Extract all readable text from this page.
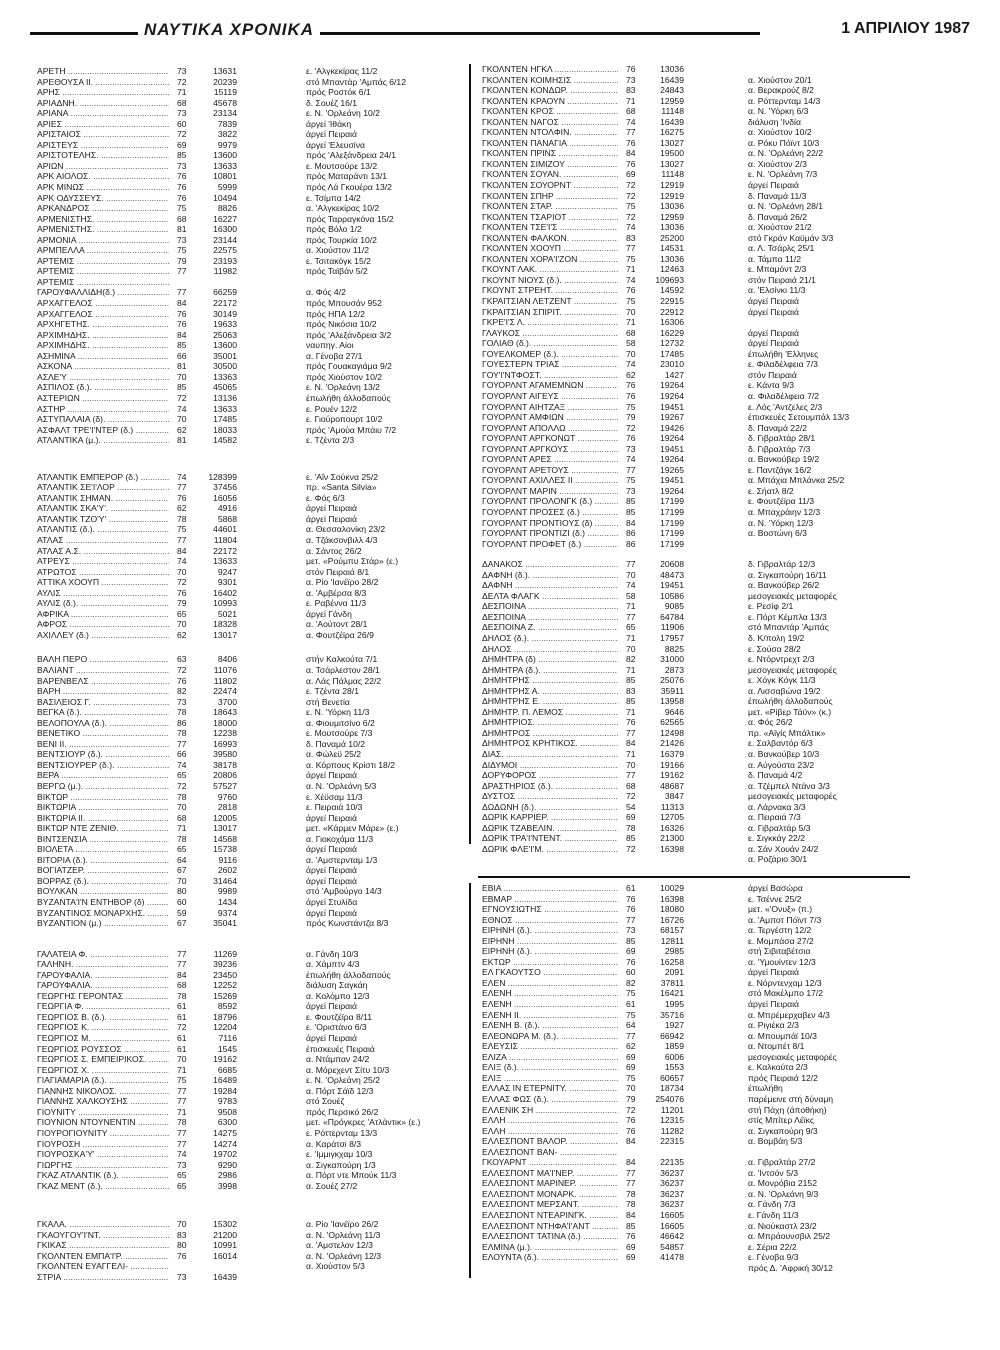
ΝΑΥΤΙΚΑ ΧΡΟΝΙΚΑ	1 ΑΠΡΙΛΙΟΥ 1987
ΑΡΕΤΗ .....	73	13631	ε. 'Αλγκεκίρας 11/2
ΑΡΕΘΟΥΣΑ ΙΙ. .....	72	20239	στό Μπαντάρ 'Αμπάς 6/12
ΑΡΗΣ .....	71	15119	πρός Ροστόκ 6/1
ΑΡΙΑΔΝΗ. .....	68	45678	δ. Σουέζ 16/1
ΑΡΙΑΝΑ .....	73	23134	ε. Ν. 'Ορλεάνη 10/2
ΑΡΙΕΣ .....	60	7839	άργεί 'Ιθάκη
ΑΡΙΣΤΑΙΟΣ .....	72	3822	άργεί Πειραιά
ΑΡΙΣΤΕΥΣ .....	69	9979	άργεί 'Ελευσίνα
ΑΡΙΣΤΟΤΕΛΗΣ. .....	85	13600	πρός 'Αλεξάνδρεια 24/1
ΑΡΙΩΝ .....	73	13633	ε. Μουτσούρε 13/2
ΑΡΚ ΑΙΟΛΟΣ. .....	76	10801	πρός Ματαράντι 13/1
ΑΡΚ ΜΙΝΩΣ .....	76	5999	πρός Λά Γκουέρα 13/2
ΑΡΚ ΟΔΥΣΣΕΥΣ. .....	76	10494	ε. Τσίμπα 14/2
ΑΡΚΑΝΔΡΟΣ .....	75	8826	α. 'Αλγκεκίρας 10/2
ΑΡΜΕΝΙΣΤΗΣ. .....	68	16227	πρός Ταρραγκόνα 15/2
ΑΡΜΕΝΙΣΤΗΣ. .....	81	16300	πρός Βόλο 1/2
ΑΡΜΟΝΙΑ .....	73	23144	πρός Τουρκία 10/2
ΑΡΜΠΕΛΛΑ .....	75	22575	α. Χιούστον 11/2
ΑΡΤΕΜΙΣ .....	79	23193	ε. Τσιτακόγκ 15/2
ΑΡΤΕΜΙΣ .....	77	11982	πρός Ταϊβάν 5/2
ΑΡΤΕΜΙΣ .....
ΓΑΡΟΥΦΑΛΛΙΔΗ(δ.) .....	77	66259	α. Φός 4/2
ΑΡΧΑΓΓΕΛΟΣ .....	84	22172	πρός Μπουσάν 952
ΑΡΧΑΓΓΕΛΟΣ .....	76	30149	πρός ΗΠΑ 12/2
ΑΡΧΗΓΕΤΗΣ. .....	76	19633	πρός Νικόσια 10/2
ΑΡΧΙΜΗΔΗΣ. .....	84	25063	πρός 'Αλεξάνδρεια 3/2
ΑΡΧΙΜΗΔΗΣ. .....	85	13600	ναυπηγ. Αίοι
ΑΣΗΜΙΝΑ .....	66	35001	α. Γένοβα 27/1
ΑΣΚΟΝΑ .....	81	30500	πρός Γουακαγιάμα 9/2
ΑΣΛΕ'Υ .....	70	13363	πρός Χιούστον 10/2
ΑΣΠΙΛΟΣ (δ.). .....	85	45065	ε. Ν. 'Ορλεάνη 13/2
ΑΣΤΕΡΙΩΝ .....	72	13136	έπωλήθη άλλοδαπούς
ΑΣΤΗΡ .....	74	13633	ε. Ρουέν 12/2
ΑΣΤΥΠΑΛΑΙΑ (δ). .....	70	17485	ε. Γιούροπουρτ 10/2
ΑΣΦΑΛΤ ΤΡΕ'Ι'ΝΤΕΡ (δ.) .....	62	18033	πρός 'Αμούα Μπάιυ 7/2
ΑΤΛΑΝΤΙΚΑ (μ.). .....	81	14582	ε. Τζέντα 2/3
ΑΤΛΑΝΤΙΚ ΕΜΠΕΡΟΡ (δ.) .....	74	128399	ε. 'Αΐν Σούκνα 25/2
ΑΤΛΑΝΤΙΚ ΣΕ'Ι'ΛΟΡ .....	77	37456	πρ. «Santa Silvia»
ΑΤΛΑΝΤΙΚ ΣΗΜΑΝ. .....	76	16056	ε. Φός 6/3
ΑΤΛΑΝΤΙΚ ΣΚΑ'Υ'. .....	62	4916	άργεί Πειραιά
ΑΤΛΑΝΤΙΚ ΤΖΟ'Υ' .....	78	5868	άργεί Πειραιά
ΑΤΛΑΝΤΙΣ (δ.). .....	75	44601	α. Θεσσαλονίκη 23/2
ΑΤΛΑΣ .....	77	11804	α. Τζάκσονβιλλ 4/3
ΑΤΛΑΣ Α.Σ. .....	84	22172	α. Σάντος 26/2
ΑΤΡΕΥΣ .....	74	13633	μετ. «Ρούμπυ Στάρ» (ε.)
ΑΤΡΩΤΟΣ .....	70	9247	στόν Πειραιά 8/1
ΑΤΤΙΚΑ ΧΟΟΥΠ .....	72	9301	α. Ρίο 'Ιανέϊρο 28/2
ΑΥΛΙΣ .....	76	16402	α. 'Αμβέρσα 8/3
ΑΥΛΙΣ (δ.). .....	79	10993	ε. Ραβέννα 11/3
ΑΦΡΙΚΑ .....	65	5021	άργεί Γάνδη
ΑΦΡΟΣ .....	70	18328	α. 'Αούτοντ 28/1
ΑΧΙΛΛΕΥ (δ.) .....	62	13017	α. Φουτζέϊρα 26/9
ΒΑΛΗ ΠΕΡΟ .....	63	8406	στήν Καλκούτα 7/1
ΒΑΛΙΑΝΤ .....	72	11076	α. Τσάρλεστον 28/1
ΒΑΡΕΝΒΕΛΣ .....	76	11802	α. Λάς Πάλμας 22/2
ΒΑΡΗ .....	82	22474	ε. Τζέντα 28/1
ΒΑΣΙΛΕΙΟΣ Γ. .....	73	3700	στή Βενετία
ΒΕΓΚΑ (δ.). .....	78	18643	ε. Ν. 'Υόρκη 11/3
ΒΕΛΟΠΟΥΛΑ (δ.). .....	86	18000	α. Φιουμιτσίνο 6/2
ΒΕΝΕΤΙΚΟ .....	78	12238	ε. Μουτσούρε 7/3
ΒΕΝΙ ΙΙ. .....	77	16993	δ. Παναμά 10/2
ΒΕΝΤΣΙΟΥΡ (δ.). .....	66	39580	α. Φώλεϋ 25/2
ΒΕΝΤΣΙΟΥΡΕΡ (δ.). .....	74	38178	α. Κόρπους Κρίστι 18/2
ΒΕΡΑ .....	65	20806	άργεί Πειραιά
ΒΕΡΓΩ (μ.). .....	72	57527	α. Ν. 'Ορλεάνη 5/3
ΒΙΚΤΩΡ .....	78	9760	ε. Χέϋσαμ 11/3
ΒΙΚΤΩΡΙΑ .....	70	2818	ε. Πειραιά 10/3
ΒΙΚΤΩΡΙΑ ΙΙ. .....	68	12005	άργεί Πειραιά
ΒΙΚΤΩΡ ΝΤΕ ΖΕΝΙΘ. .....	71	13017	μετ. «Κάρμεν Μάρε» (ε.)
ΒΙΝΤΣΕΝΣΙΑ .....	78	14568	α. Γιοκοχάμα 11/3
ΒΙΟΛΕΤΑ .....	65	15738	άργεί Πειραιά
ΒΙΤΟΡΙΑ (δ.). .....	64	9116	α. 'Αμστερνταμ 1/3
ΒΟΓΙΑΤΖΕΡ. .....	67	2602	άργεί Πειραιά
ΒΟΡΡΑΣ (δ.). .....	70	31464	άργεί Πειραιά
ΒΟΥΛΚΑΝ .....	80	9989	στό 'Αμβούργο 14/3
ΒΥΖΑΝΤΑ'Ι'Ν ΕΝΤΗΒΟΡ (δ) .....	60	1434	άργεί Στυλίδα
ΒΥΖΑΝΤΙΝΟΣ ΜΟΝΑΡΧΗΣ. .....	59	9374	άργεί Πειραιά
ΒΥΖΑΝΤΙΟΝ (μ.) .....	67	35041	πρός Κωνστάντζα 8/3
ΓΑΛΑΤΕΙΑ Φ. .....	77	11269	α. Γάνδη 10/3
ΓΑΛΗΝΗ. .....	77	39236	α. Χάμπτν 4/3
ΓΑΡΟΥΦΑΛΙΑ. .....	84	23450	έπωλήθη άλλοδαπούς
ΓΑΡΟΥΦΑΛΙΑ. .....	68	12252	διάλυση Σαγκάη
ΓΕΩΡΓΗΣ ΓΕΡΟΝΤΑΣ .....	78	15269	α. Κολόμπο 12/3
ΓΕΩΡΓΙΑ Φ. .....	61	8592	άργεί Πειραιά
ΓΕΩΡΓΙΟΣ Β. (δ.). .....	61	18796	ε. Φουτζέϊρα 8/11
ΓΕΩΡΓΙΟΣ Κ. .....	72	12204	ε. 'Οριστάνο 6/3
ΓΕΩΡΓΙΟΣ Μ. .....	61	7116	άργεί Πειραιά
ΓΕΩΡΓΙΟΣ ΡΟΥΣΣΟΣ .....	61	1545	έπισκευές Πειραιά
ΓΕΩΡΓΙΟΣ Σ. ΕΜΠΕΙΡΙΚΟΣ. .....	70	19162	α. Ντάμπαν 24/2
ΓΕΩΡΓΙΟΣ Χ. .....	71	6685	α. Μόρεχεντ Σίτυ 10/3
ΓΙΑΓΙΑΜΑΡΙΑ (δ.). .....	75	16489	ε. Ν. 'Ορλεάνη 25/2
ΓΙΑΝΝΗΣ ΝΙΚΟΛΟΣ. .....	77	19284	α. Πόρτ Σάϊδ 12/3
ΓΙΑΝΝΗΣ ΧΑΛΚΟΥΣΗΣ .....	77	9783	στό Σουέζ
ΓΙΟΥΝΙΤΥ .....	71	9508	πρός Περσικό 26/2
ΓΙΟΥΝΙΟΝ ΝΤΟΥΝΕΝΤΙΝ .....	78	6300	μετ. «Πρόγκρες 'Ατλάντικ» (ε.)
ΓΙΟΥΡΟΓΙΟΥΝΙΤΥ .....	77	14275	ε. Ρόττερνταμ 13/3
ΓΙΟΥΡΟΣΗ .....	77	14274	α. Καράτσι 8/3
ΓΙΟΥΡΟΣΚΑ'Υ' .....	74	19702	ε. 'Ιμμιγκχαμ 10/3
ΓΙΩΡΓΗΣ .....	73	9290	α. Σιγκαπούρη 1/3
ΓΚΑΖ ΑΤΛΑΝΤΙΚ (δ.). .....	65	2986	α. Πόρτ ντε Μπούκ 11/3
ΓΚΑΖ ΜΕΝΤ (δ.). .....	65	3998	α. Σουέζ 27/2
ΓΚΑΛΑ. .....	70	15302	α. Ρίο 'Ιανέϊρο 26/2
ΓΚΑΟΥΓΟΥ'Ι'ΝΤ. .....	83	21200	α. Ν. 'Ορλεάνη 11/3
ΓΚΙΚΑΣ .....	80	10991	α. 'Αμστελον 12/3
ΓΚΟΛΝΤΕΝ ΕΜΠΑ'Ι'Ρ. .....	76	16014	α. Ν. 'Ορλεάνη 12/3
ΓΚΟΛΝΤΕΝ ΕΥΑΓΓΕΛΙ- .....	α. Χιούστον 5/3
ΣΤΡΙΑ .....	73	16439
ΓΚΟΛΝΤΕΝ ΗΓΚΛ .....	76	13036
ΓΚΟΛΝΤΕΝ ΚΟΙΜΗΣΙΣ .....	73	16439	α. Χιούστον 20/1
ΓΚΟΛΝΤΕΝ ΚΟΝΔΩΡ. .....	83	24843	α. Βερακρούζ 8/2
ΓΚΟΛΝΤΕΝ ΚΡΑΟΥΝ .....	71	12959	α. Ρόττερνταμ 14/3
ΓΚΟΛΝΤΕΝ ΚΡΟΣ .....	68	11148	α. Ν. 'Υόρκη 6/3
ΓΚΟΛΝΤΕΝ ΝΑΓΟΣ .....	74	16439	διάλυση 'Ινδία
ΓΚΟΛΝΤΕΝ ΝΤΟΛΦΙΝ. .....	77	16275	α. Χιούστον 10/2
ΓΚΟΛΝΤΕΝ ΠΑΝΑΓΙΑ .....	76	13027	α. Ρόκυ Πόϊντ 10/3
ΓΚΟΛΝΤΕΝ ΠΡΙΝΣ .....	84	19500	α. Ν. 'Ορλεάνη 22/2
ΓΚΟΛΝΤΕΝ ΣΙΜΙΖΟΥ .....	76	13027	α. Χιούστον 2/3
ΓΚΟΛΝΤΕΝ ΣΟΥΑΝ. .....	69	11148	ε. Ν. 'Ορλεάνη 7/3
ΓΚΟΛΝΤΕΝ ΣΟΥΟΡΝΤ .....	72	12919	άργεί Πειραιά
ΓΚΟΛΝΤΕΝ ΣΠΗΡ .....	72	12919	δ. Παναμά 11/3
ΓΚΟΛΝΤΕΝ ΣΤΑΡ. .....	75	13036	α. Ν. 'Ορλεάνη 28/1
ΓΚΟΛΝΤΕΝ ΤΣΑΡΙΟΤ .....	72	12959	δ. Παναμά 26/2
ΓΚΟΛΝΤΕΝ ΤΣΕ'Ι'Σ .....	74	13036	α. Χιούστον 21/2
ΓΚΟΛΝΤΕΝ ΦΑΛΚΟΝ. .....	83	25200	στό Γκράν Καϋμάν 3/3
ΓΚΟΛΝΤΕΝ ΧΟΟΥΠ .....	77	14531	α. Λ. Τσάρλς 25/1
ΓΚΟΛΝΤΕΝ ΧΟΡΑ'Ι'ΖΟΝ .....	75	13036	α. Τάμπα 11/2
ΓΚΟΥΝΤ ΛΑΚ. .....	71	12463	ε. Μπαμόντ 2/3
ΓΚΟΥΝΤ ΝΙΟΥΣ (δ.). .....	74	109693	στόν Πειραιά 21/1
ΓΚΟΥΝΤ ΣΤΡΕΗΤ. .....	76	14592	α. 'Ελσίνκι 11/3
ΓΚΡΑΙΤΣΙΑΝ ΛΕΤΖΕΝΤ .....	75	22915	άργεί Πειραιά
ΓΚΡΑΙΤΣΙΑΝ ΣΠΙΡΙΤ. .....	70	22912	άργεί Πειραιά
ΓΚΡΕ'Ι'Σ Λ. .....	71	16306
ΓΛΑΥΚΟΣ .....	68	16229	άργεί Πειραιά
ΓΟΛΙΑΘ (δ.). .....	58	12732	άργεί Πειραιά
ΓΟΥΕΛΚΟΜΕΡ (δ.). .....	70	17485	έπωλήθη 'Ελληνες
ΓΟΥΕΣΤΕΡΝ ΤΡΙΑΣ .....	74	23010	ε. Φιλαδέλφεια 7/3
ΓΟΥ'Ι'ΝΤΦΟΣΤ. .....	62	1427	στόν Πειραιά
ΓΟΥΟΡΛΝΤ ΑΓΑΜΕΜΝΩΝ .....	76	19264	ε. Κάντα 9/3
ΓΟΥΟΡΛΝΤ ΑΙΓΕΥΣ .....	76	19264	α. Φιλαδέλφεια 7/2
ΓΟΥΟΡΛΝΤ ΑΙΗΤΖΑΞ .....	75	19451	ε. Λός 'Αντζελες 2/3
ΓΟΥΟΡΛΝΤ ΑΜΦΙΩΝ .....	79	19267	έπισκευές Σετουμπάλ 13/3
ΓΟΥΟΡΛΝΤ ΑΠΟΛΛΩ .....	72	19426	δ. Παναμά 22/2
ΓΟΥΟΡΛΝΤ ΑΡΓΚΟΝΩΤ .....	76	19264	δ. Γιβραλτάρ 28/1
ΓΟΥΟΡΛΝΤ ΑΡΓΚΟΥΣ .....	73	19451	δ. Γιβραλτάρ 7/3
ΓΟΥΟΡΛΝΤ ΑΡΕΣ .....	74	19264	α. Βανκούβερ 19/2
ΓΟΥΟΡΛΝΤ ΑΡΕΤΟΥΣ .....	77	19265	ε. Παντζάγκ 16/2
ΓΟΥΟΡΛΝΤ ΑΧΙΛΛΕΣ ΙΙ .....	75	19451	α. Μπάχια Μπλάνκα 25/2
ΓΟΥΟΡΛΝΤ ΜΑΡΙΝ .....	73	19264	ε. Σήατλ 8/2
ΓΟΥΟΡΛΝΤ ΠΡΟΛΟΝΓΚ (δ.) .....	85	17199	ε. Φουτζέϊρα 11/3
ΓΟΥΟΡΛΝΤ ΠΡΟΣΕΣ (δ.) .....	85	17199	α. Μπαχράιην 12/3
ΓΟΥΟΡΛΝΤ ΠΡΟΝΤΙΟΥΣ (δ) .....	84	17199	α. Ν. 'Υόρκη 12/3
ΓΟΥΟΡΛΝΤ ΠΡΟΝΤΙΖΙ (δ.) .....	86	17199	α. Βοστώνη 6/3
ΓΟΥΟΡΛΝΤ ΠΡΟΦΕΤ (δ.) .....	86	17199
ΔΑΝΑΚΟΣ .....	77	20608	δ. Γιβραλτάρ 12/3
ΔΑΦΝΗ (δ.). .....	70	48473	α. Σιγκαπούρη 16/11
ΔΑΦΝΗ .....	74	19451	α. Βανκούβερ 26/2
ΔΕΛΤΑ ΦΛΑΓΚ .....	58	10586	μεσογειακές μεταφορές
ΔΕΣΠΟΙΝΑ .....	71	9085	ε. Ρεσίφ 2/1
ΔΕΣΠΟΙΝΑ .....	77	64784	ε. Πόρτ Κέμπλα 13/3
ΔΕΣΠΟΙΝΑ Ζ. .....	65	11906	στό Μπαντάρ 'Αμπάς
ΔΗΛΟΣ (δ.). .....	71	17957	δ. Κ/πολη 19/2
ΔΗΛΟΣ .....	70	8825	ε. Σούσα 28/2
ΔΗΜΗΤΡΑ (δ) .....	82	31000	ε. Ντόρντρεχτ 2/3
ΔΗΜΗΤΡΑ (δ.). .....	71	2873	μεσογειακές μεταφορές
ΔΗΜΗΤΡΗΣ .....	85	25076	ε. Χόγκ Κόγκ 11/3
ΔΗΜΗΤΡΗΣ Α. .....	83	35911	α. Λισσαβώνα 19/2
ΔΗΜΗΤΡΗΣ Ε. .....	85	13958	έπωλήθη άλλοδαπούς
ΔΗΜΗΤΡ. Π. ΛΕΜΟΣ .....	71	9646	μετ. «Ρίβερ Τάϋν» (κ.)
ΔΗΜΗΤΡΙΟΣ. .....	76	62565	α. Φός 26/2
ΔΗΜΗΤΡΟΣ .....	77	12498	πρ. «Αϊγίς Μπάλτικ»
ΔΗΜΗΤΡΟΣ ΚΡΗΤΙΚΟΣ. .....	84	21426	ε. Σαλβαντόρ 6/3
ΔΙΑΣ. .....	71	16379	α. Βανκούβερ 10/3
ΔΙΔΥΜΟΙ .....	70	19166	α. Αύγούστα 23/2
ΔΟΡΥΦΟΡΟΣ .....	77	19162	δ. Παναμά 4/2
ΔΡΑΣΤΗΡΙΟΣ (δ.). .....	68	48687	α. Τζέμπελ Ντάνα 3/3
ΔΥΣΤΟΣ .....	72	3847	μεσογειακές μεταφορές
ΔΩΔΩΝΗ (δ.). .....	54	11313	α. Λάρνακα 3/3
ΔΩΡΙΚ ΚΑΡΡΙΕΡ. .....	69	12705	α. Πειραιά 7/3
ΔΩΡΙΚ ΤΖΑΒΕΛΙΝ. .....	78	16326	α. Γιβραλτάρ 5/3
ΔΩΡΙΚ ΤΡΑ'Ι'ΝΤΕΝΤ. .....	85	21300	ε. Σιγκκάγ 22/2
ΔΩΡΙΚ ΦΛΕ'Ι'Μ. .....	72	16398	α. Σάν Χουάν 24/2
α. Ροζάριο 30/1
ΕΒΙΑ .....	61	10029	άργεί Βασώρα
ΕΒΜΑΡ .....	76	16398	ε. Τσέννε 25/2
ΕΓΝΟΥΣΙΩΤΗΣ .....	76	18080	μετ. «'Ονυξ» (π.)
ΕΘΝΟΣ .....	77	16726	α. 'Αμποτ Πόϊντ 7/3
ΕΙΡΗΝΗ (δ.). .....	73	68157	α. Τεργέστη 12/2
ΕΙΡΗΝΗ .....	85	12811	ε. Μομπάσα 27/2
ΕΙΡΗΝΗ (δ.). .....	69	2985	στή Σιβιταβέτσια
ΕΚΤΩΡ .....	76	16258	α. 'Υμουίντεν 12/3
ΕΛ ΓΚΑΟΥΤΣΟ .....	60	2091	άργεί Πειραιά
ΕΛΕΝ .....	82	37811	ε. Νόρντενχαμ 12/3
ΕΛΕΝΗ .....	75	16421	στό Μακέλμπο 17/2
ΕΛΕΝΗ .....	61	1995	άργεί Πειραιά
ΕΛΕΝΗ ΙΙ. .....	75	35716	α. Μπρέμερχαβεν 4/3
ΕΛΕΝΗ Β. (δ.). .....	64	1927	α. Ριγιέκα 2/3
ΕΛΕΟΝΩΡΑ Μ. (δ.). .....	77	66942	α. Μπουμπάϊ 10/3
ΕΛΕΥΣΙΣ .....	62	1859	α. Ντομπέτ 8/1
ΕΛΙΖΑ .....	69	6006	μεσογειακές μεταφορές
ΕΛΙΞ (δ.). .....	69	1553	ε. Καλκούτα 2/3
ΕΛΙΞ .....	75	60657	πρός Πειραιά 12/2
ΕΛΛΑΣ ΙΝ ΕΤΕΡΝΙΤΥ. .....	70	18734	έπωλήθη
ΕΛΛΑΣ ΦΩΣ (δ.). .....	79	254076	παρέμεινε στή δύναμη
ΕΛΛΕΝΙΚ ΣΗ .....	72	11201	στή Πάχη (άποθήκη)
ΕΛΛΗ .....	76	12315	στίς Μπίτερ Λέϊκς
ΕΛΛΗ .....	76	11282	α. Σιγκαπούρη 9/3
ΕΛΛΕΣΠΟΝΤ ΒΑΛΟΡ. .....	84	22315	α. Βομβάη 5/3
ΕΛΛΕΣΠΟΝΤ ΒΑΝ- .....
ΓΚΟΥΑΡΝΤ .....	84	22135	α. Γιβραλτάρ 27/2
ΕΛΛΕΣΠΟΝΤ ΜΑ'Ι'ΝΕΡ. .....	77	36237	α. 'Ιντσόν 5/3
ΕΛΛΕΣΠΟΝΤ ΜΑΡΙΝΕΡ. .....	77	36237	α. Μονρόβια 2152
ΕΛΛΕΣΠΟΝΤ ΜΟΝΑΡΚ. .....	78	36237	α. Ν. 'Ορλεάνη 9/3
ΕΛΛΕΣΠΟΝΤ ΜΕΡΣΑΝΤ. .....	78	36237	α. Γάνδη 7/3
ΕΛΛΕΣΠΟΝΤ ΝΤΕΑΡΙΝΓΚ. .....	84	16605	ε. Γάνδη 11/3
ΕΛΛΕΣΠΟΝΤ ΝΤΗΦΑ'Ι'ΑΝΤ .....	85	16605	α. Νιούκαστλ 23/2
ΕΛΛΕΣΠΟΝΤ ΤΑΤΙΝΑ (δ.) .....	76	46642	α. Μπράουνσβιλ 25/2
ΕΛΜΙΝΑ (μ.). .....	69	54857	ε. Σέρια 22/2
ΕΛΟΥΝΤΑ (δ.). .....	69	41478	ε. Γένοβα 9/3
πρός Δ. 'Αφρική 30/12
